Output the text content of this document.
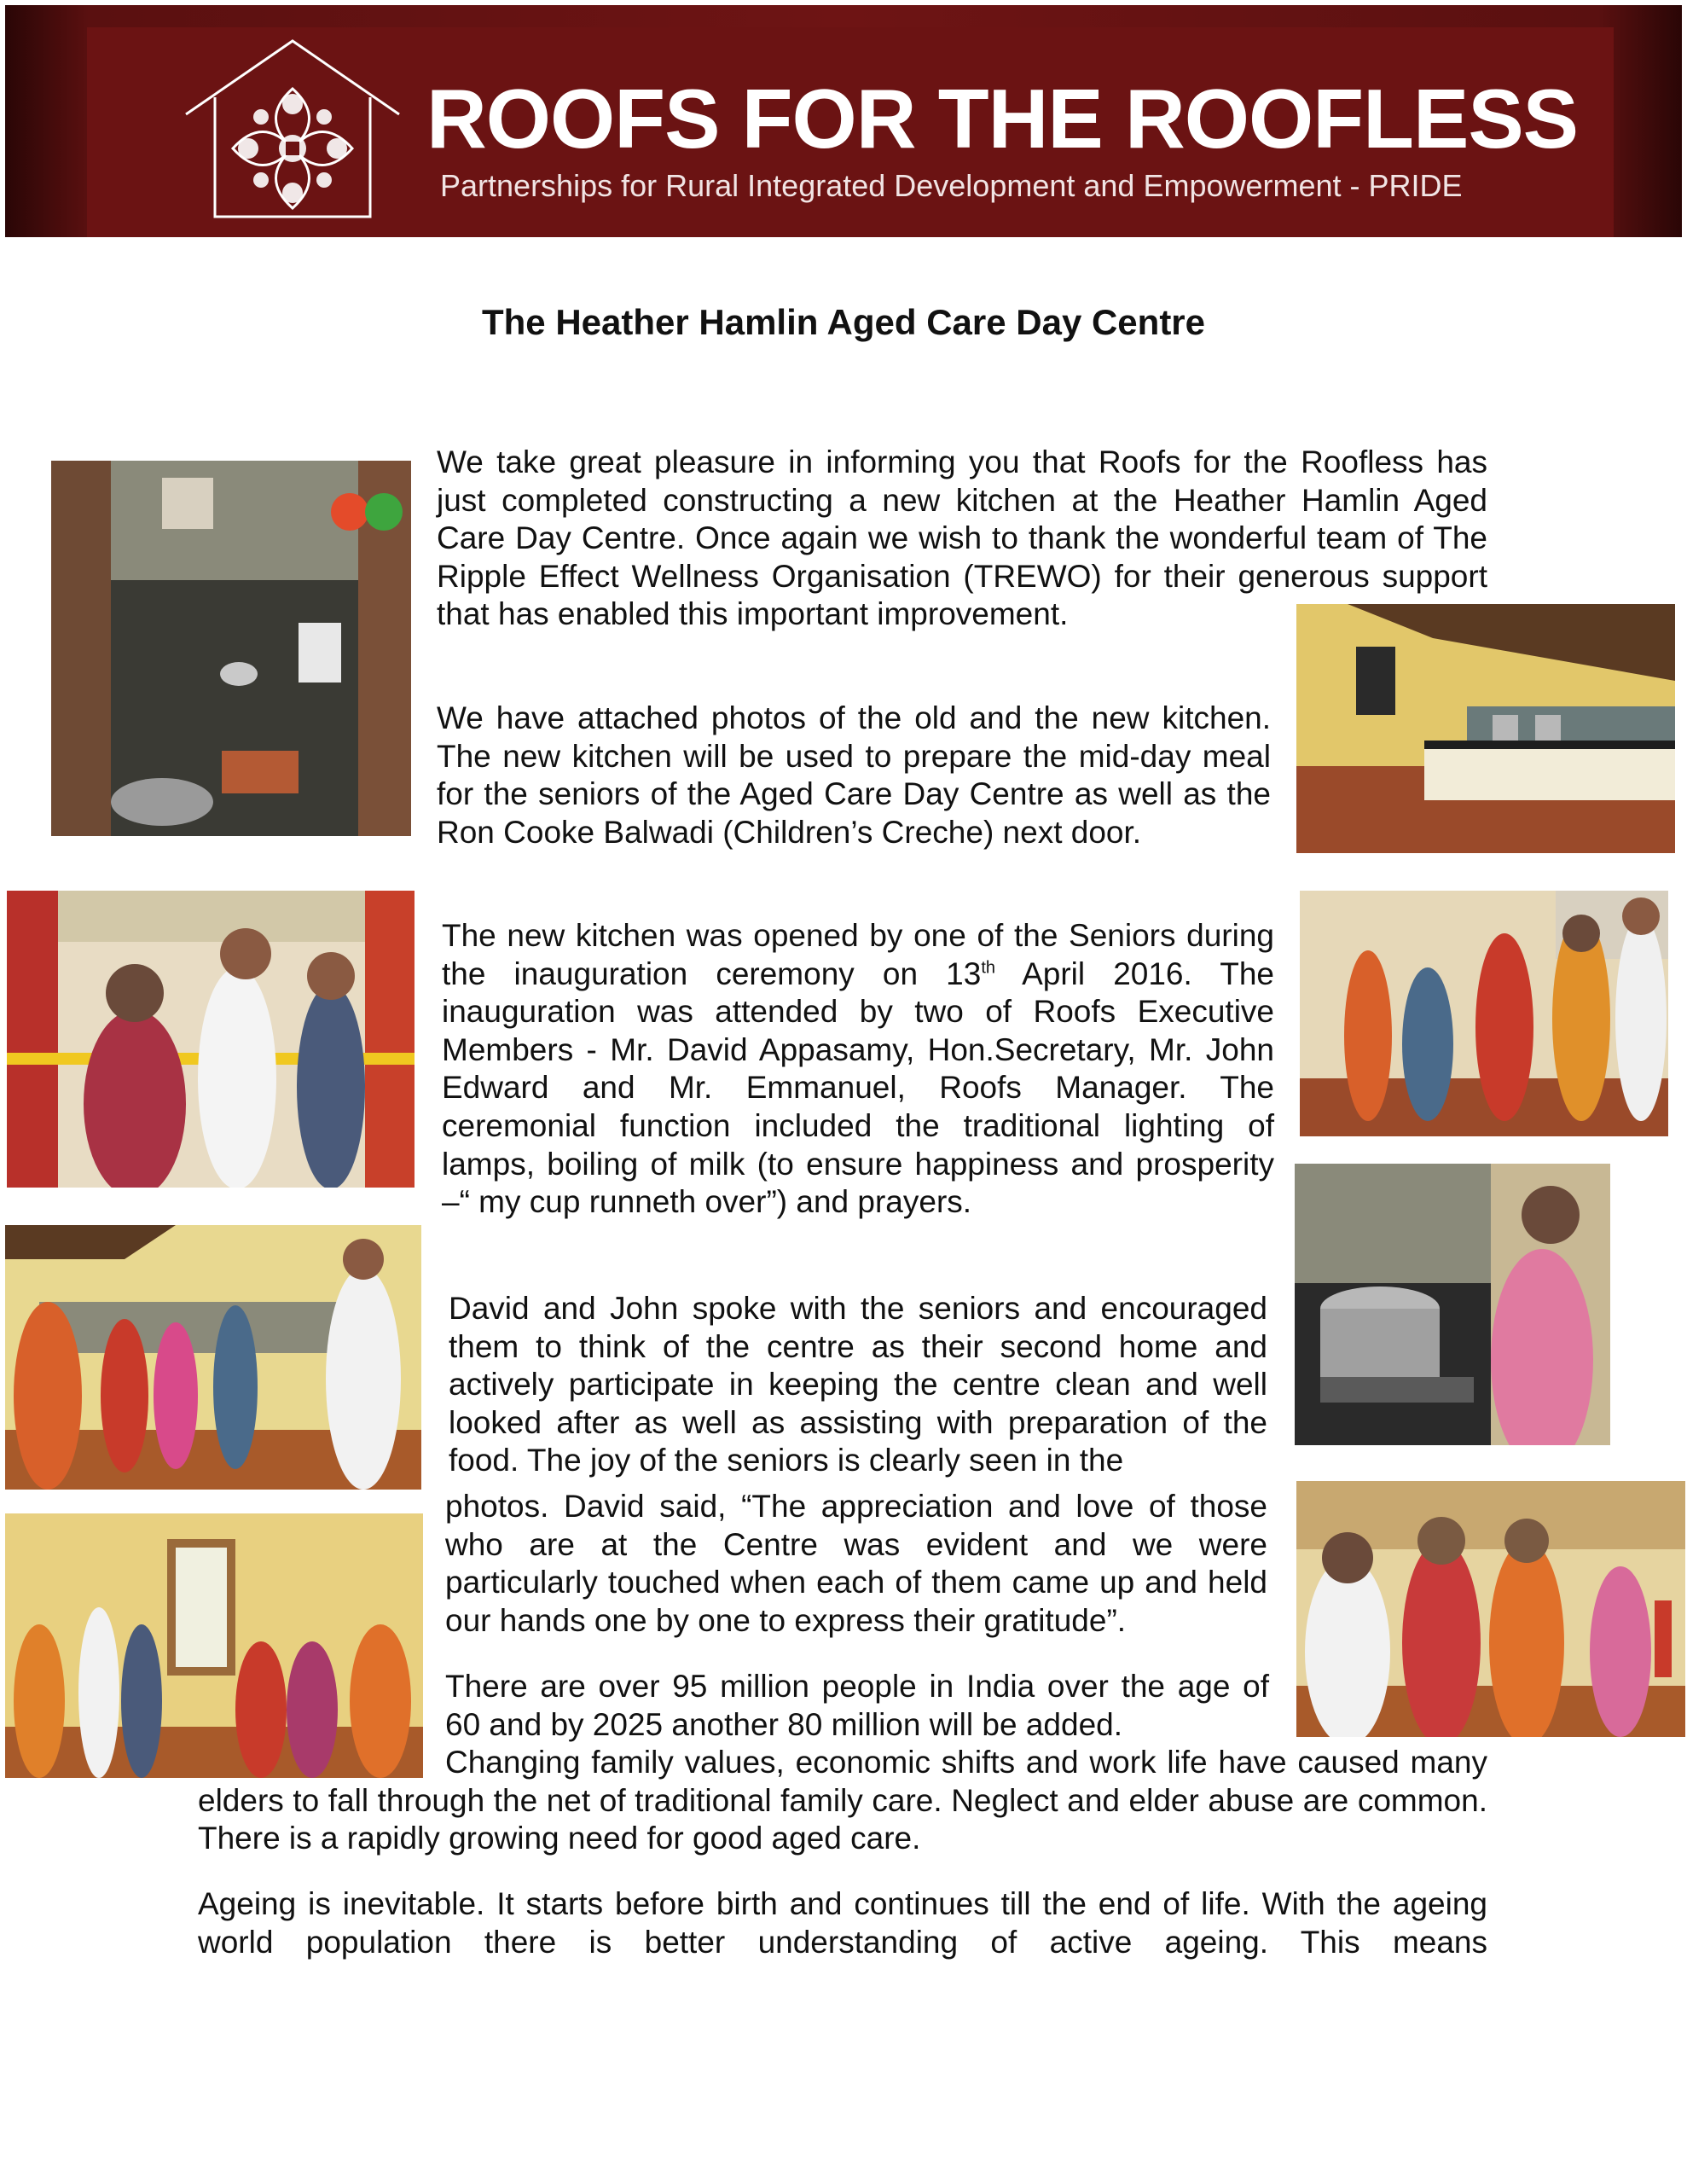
ROOFS FOR THE ROOFLESS
Partnerships for Rural Integrated Development and Empowerment - PRIDE
The Heather Hamlin Aged Care Day Centre

We take great pleasure in informing you that Roofs for the Roofless has just completed constructing a new kitchen at the Heather Hamlin Aged Care Day Centre. Once again we wish to thank the wonderful team of The Ripple Effect Wellness Organisation (TREWO) for their generous support that has enabled this important improvement.

We have attached photos of the old and the new kitchen. The new kitchen will be used to prepare the mid-day meal for the seniors of the Aged Care Day Centre as well as the Ron Cooke Balwadi (Children’s Creche) next door.

The new kitchen was opened by one of the Seniors during the inauguration ceremony on 13th April 2016. The inauguration was attended by two of Roofs Executive Members - Mr. David Appasamy, Hon.Secretary, Mr. John Edward and Mr. Emmanuel, Roofs Manager. The ceremonial function included the traditional lighting of lamps, boiling of milk (to ensure happiness and prosperity –“ my cup runneth over”) and prayers.

David and John spoke with the seniors and encouraged them to think of the centre as their second home and actively participate in keeping the centre clean and well looked after as well as assisting with preparation of the food. The joy of the seniors is clearly seen in the

photos. David said, “The appreciation and love of those who are at the Centre was evident and we were particularly touched when each of them came up and held our hands one by one to express their gratitude”.

There are over 95 million people in India over the age of 60 and by 2025 another 80 million will be added.

Changing family values, economic shifts and work life have caused many elders to fall through the net of traditional family care. Neglect and elder abuse are common. There is a rapidly growing need for good aged care.

Ageing is inevitable. It starts before birth and continues till the end of life. With the ageing world population there is better understanding of active ageing. This means
